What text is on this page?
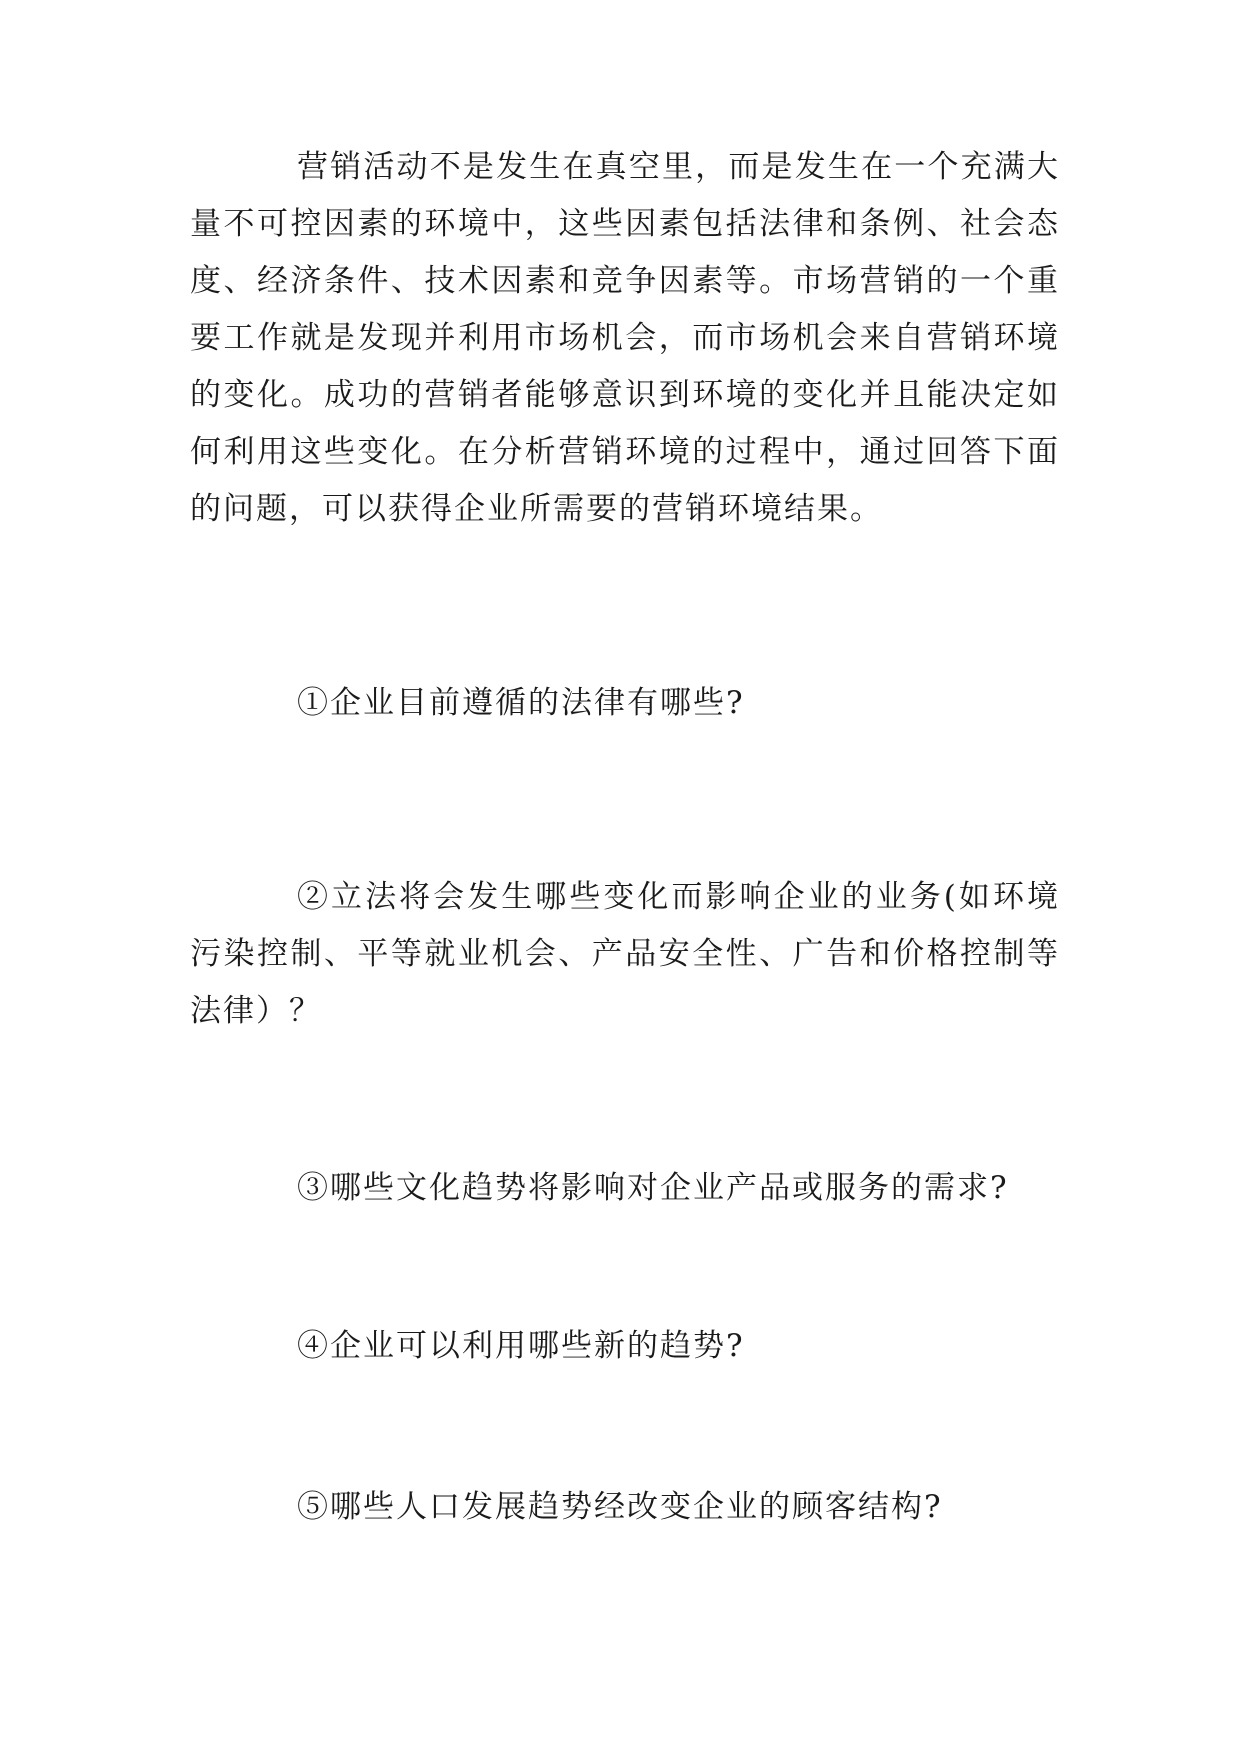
营销活动不是发生在真空里，而是发生在一个充满大
量不可控因素的环境中，这些因素包括法律和条例、社会态
度、经济条件、技术因素和竞争因素等。市场营销的一个重
要工作就是发现并利用市场机会，而市场机会来自营销环境
的变化。成功的营销者能够意识到环境的变化并且能决定如
何利用这些变化。在分析营销环境的过程中，通过回答下面
的问题，可以获得企业所需要的营销环境结果。
①企业目前遵循的法律有哪些?
②立法将会发生哪些变化而影响企业的业务(如环境
污染控制、平等就业机会、产品安全性、广告和价格控制等
法律）？
③哪些文化趋势将影响对企业产品或服务的需求?
④企业可以利用哪些新的趋势?
⑤哪些人口发展趋势经改变企业的顾客结构?
